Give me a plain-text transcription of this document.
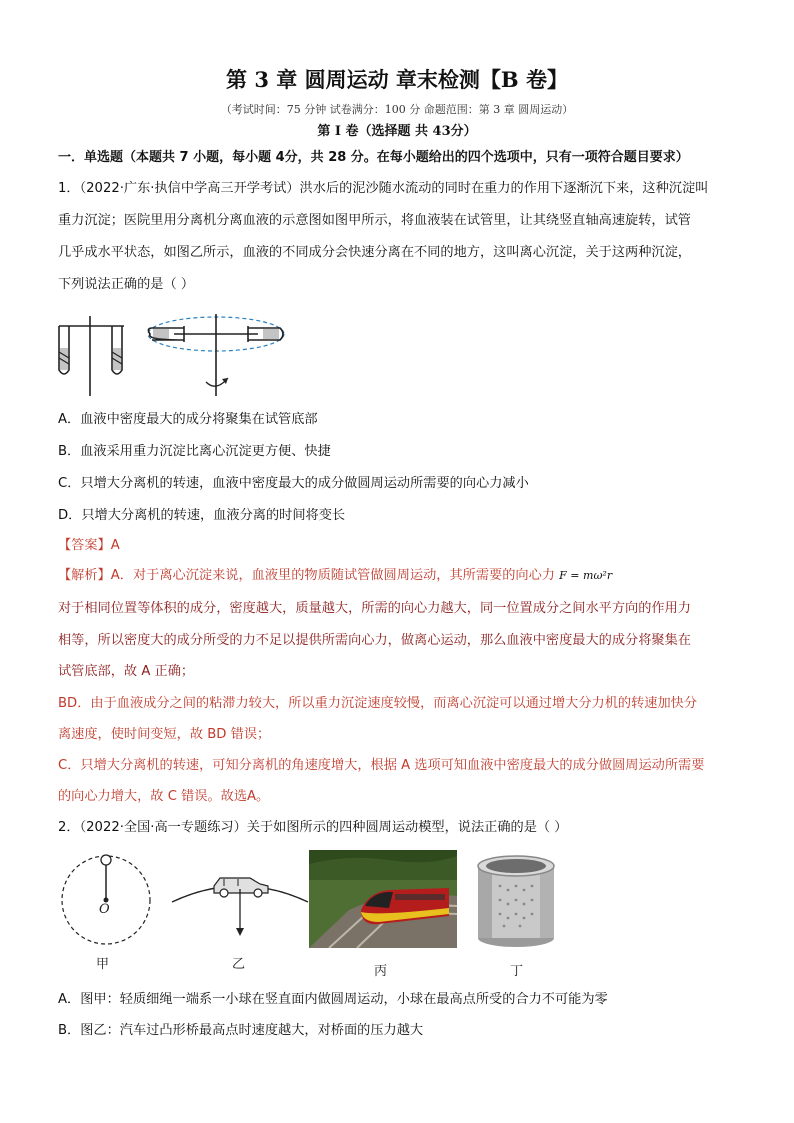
第 3 章 圆周运动 章末检测【B 卷】
（考试时间：75 分钟 试卷满分：100 分 命题范围：第 3 章 圆周运动）
第 I 卷（选择题 共 43分）
一．单选题（本题共 7 小题，每小题 4分，共 28 分。在每小题给出的四个选项中，只有一项符合题目要求）
1．（2022·广东·执信中学高三开学考试）洪水后的泥沙随水流动的同时在重力的作用下逐渐沉下来，这种沉淀叫
重力沉淀；医院里用分离机分离血液的示意图如图甲所示，将血液装在试管里，让其绕竖直轴高速旋转，试管
几乎成水平状态，如图乙所示，血液的不同成分会快速分离在不同的地方，这叫离心沉淀，关于这两种沉淀，
下列说法正确的是（ ）
A．血液中密度最大的成分将聚集在试管底部
B．血液采用重力沉淀比离心沉淀更方便、快捷
C．只增大分离机的转速，血液中密度最大的成分做圆周运动所需要的向心力减小
D．只增大分离机的转速，血液分离的时间将变长
【答案】A
【解析】A．对于离心沉淀来说，血液里的物质随试管做圆周运动，其所需要的向心力 F = mω²r
对于相同位置等体积的成分，密度越大，质量越大，所需的向心力越大，同一位置成分之间水平方向的作用力
相等，所以密度大的成分所受的力不足以提供所需向心力，做离心运动，那么血液中密度最大的成分将聚集在
试管底部，故 A 正确；
BD．由于血液成分之间的粘滞力较大，所以重力沉淀速度较慢，而离心沉淀可以通过增大分力机的转速加快分
离速度，使时间变短，故 BD 错误；
C．只增大分离机的转速，可知分离机的角速度增大，根据 A 选项可知血液中密度最大的成分做圆周运动所需要
的向心力增大，故 C 错误。故选A。
2．（2022·全国·高一专题练习）关于如图所示的四种圆周运动模型，说法正确的是（ ）
O
甲	乙	丙	丁
A．图甲：轻质细绳一端系一小球在竖直面内做圆周运动，小球在最高点所受的合力不可能为零
B．图乙：汽车过凸形桥最高点时速度越大，对桥面的压力越大
